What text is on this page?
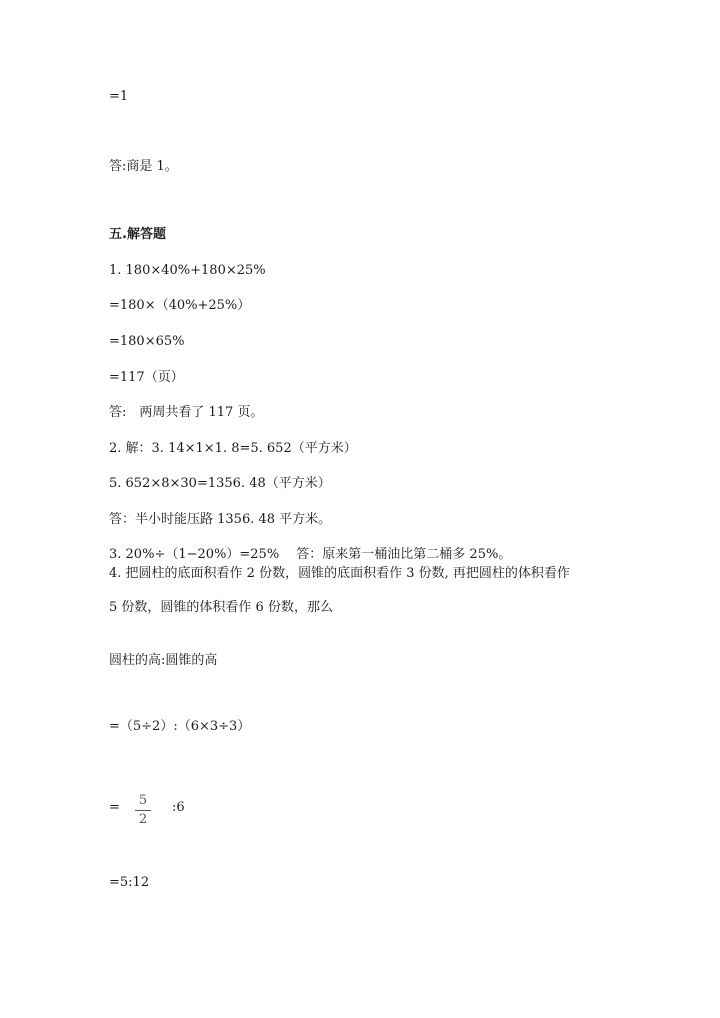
=1
答:商是 1。
五.解答题
1. 180×40%+180×25%
=180×（40%+25%）
=180×65%
=117（页）
答:　两周共看了 117 页。
2. 解：3. 14×1×1. 8=5. 652（平方米）
5. 652×8×30=1356. 48（平方米）
答：半小时能压路 1356. 48 平方米。
3. 20%÷（1−20%）=25%　 答：原来第一桶油比第二桶多 25%。
4. 把圆柱的底面积看作 2 份数，圆锥的底面积看作 3 份数, 再把圆柱的体积看作
5 份数，圆锥的体积看作 6 份数，那么
圆柱的高:圆锥的高
=（5÷2）:（6×3÷3）
= 5
2
:6
=5:12
